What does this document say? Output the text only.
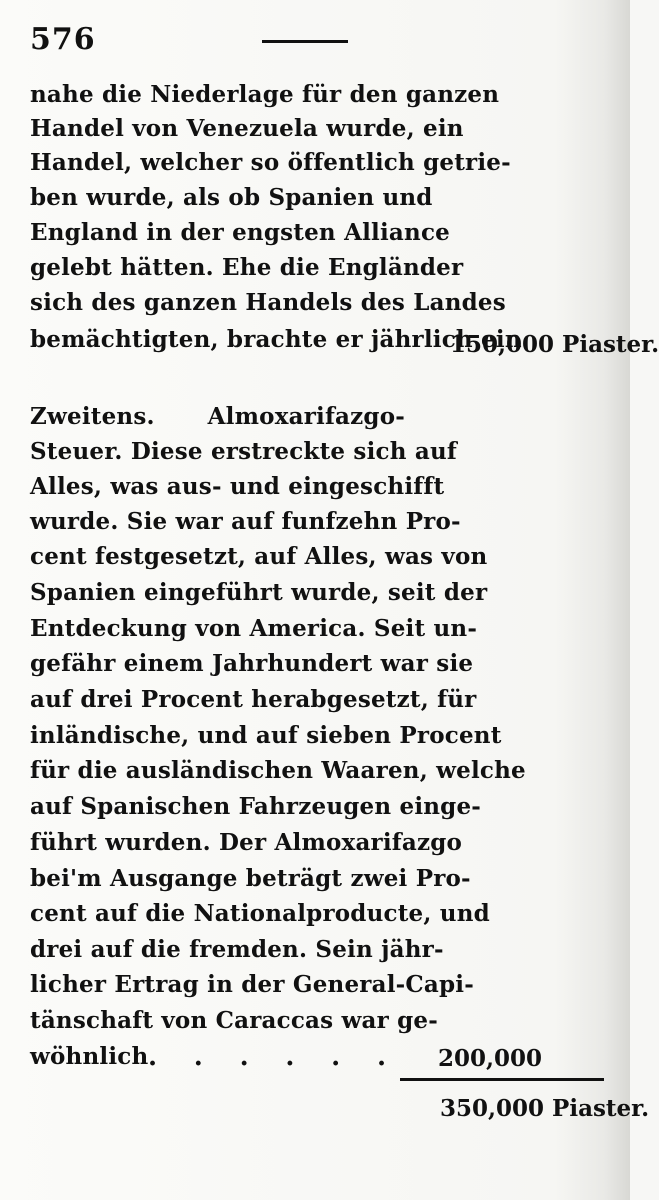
576
nahe die Niederlage für den ganzen
Handel von Venezuela wurde, ein
Handel, welcher so öffentlich getrie-
ben wurde, als ob Spanien und
England in der engsten Alliance
gelebt hätten. Ehe die Engländer
sich des ganzen Handels des Landes
bemächtigten, brachte er jährlich ein
150,000 Piaster.
Zweitens. Almoxarifazgo-
Steuer. Diese erstreckte sich auf
Alles, was aus- und eingeschifft
wurde. Sie war auf funfzehn Pro-
cent festgesetzt, auf Alles, was von
Spanien eingeführt wurde, seit der
Entdeckung von America. Seit un-
gefähr einem Jahrhundert war sie
auf drei Procent herabgesetzt, für
inländische, und auf sieben Procent
für die ausländischen Waaren, welche
auf Spanischen Fahrzeugen einge-
führt wurden. Der Almoxarifazgo
bei'm Ausgange beträgt zwei Pro-
cent auf die Nationalproducte, und
drei auf die fremden. Sein jähr-
licher Ertrag in der General-Capi-
tänschaft von Caraccas war ge-
wöhnlich . . . . . . 200,000
350,000 Piaster.
